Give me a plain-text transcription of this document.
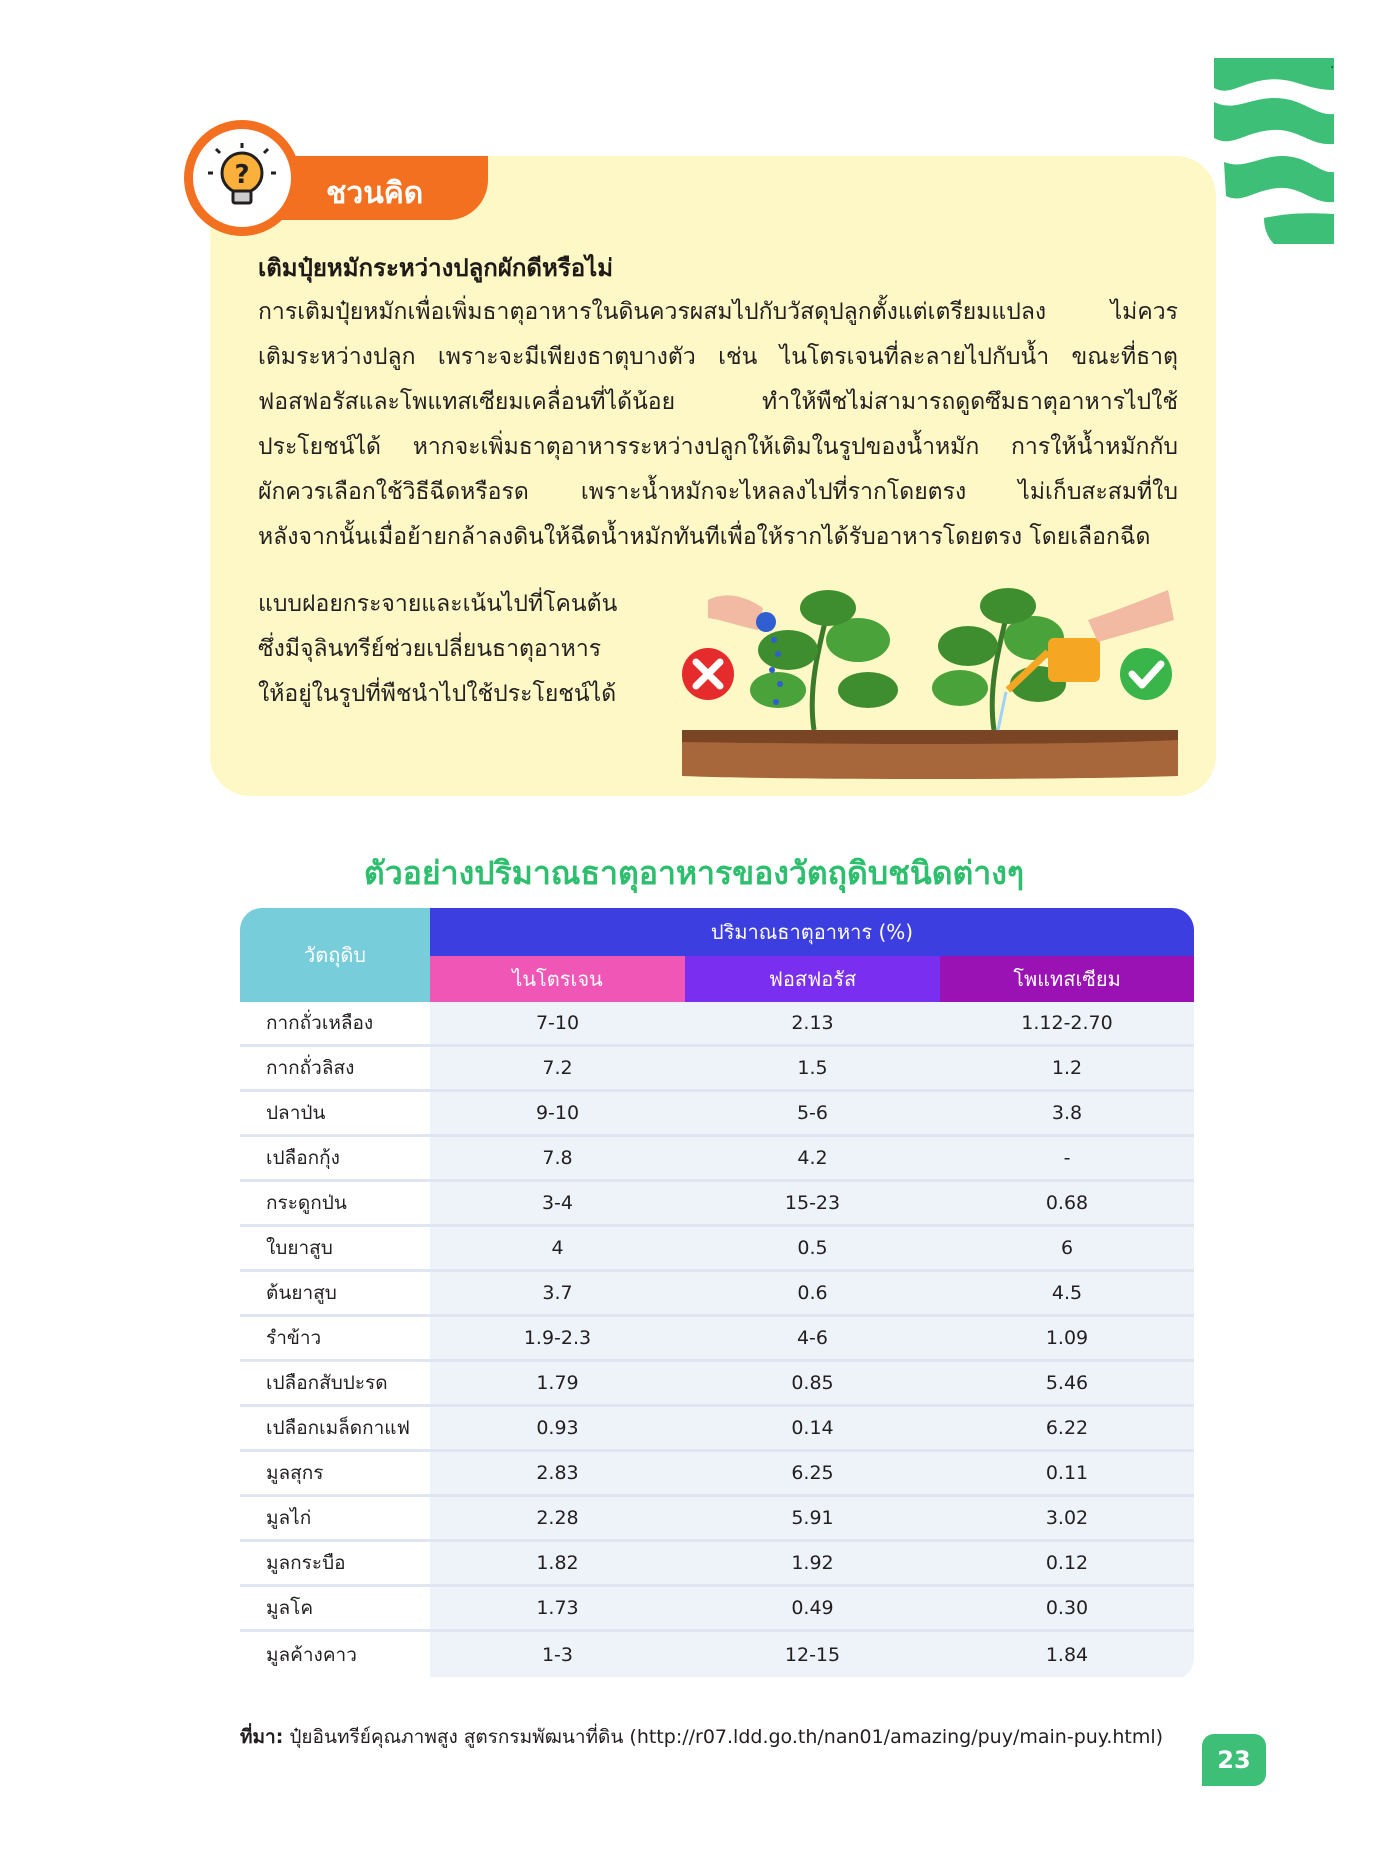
·
ชวนคิด
?
เติมปุ๋ยหมักระหว่างปลูกผักดีหรือไม่

การเติมปุ๋ยหมักเพื่อเพิ่มธาตุอาหารในดินควรผสมไปกับวัสดุปลูกตั้งแต่เตรียมแปลง ไม่ควร

เติมระหว่างปลูก เพราะจะมีเพียงธาตุบางตัว เช่น ไนโตรเจนที่ละลายไปกับน้ำ ขณะที่ธาตุ

ฟอสฟอรัสและโพแทสเซียมเคลื่อนที่ได้น้อย ทำให้พืชไม่สามารถดูดซึมธาตุอาหารไปใช้

ประโยชน์ได้ หากจะเพิ่มธาตุอาหารระหว่างปลูกให้เติมในรูปของน้ำหมัก การให้น้ำหมักกับ

ผักควรเลือกใช้วิธีฉีดหรือรด เพราะน้ำหมักจะไหลลงไปที่รากโดยตรง ไม่เก็บสะสมที่ใบ

หลังจากนั้นเมื่อย้ายกล้าลงดินให้ฉีดน้ำหมักทันทีเพื่อให้รากได้รับอาหารโดยตรง โดยเลือกฉีด

แบบฝอยกระจายและเน้นไปที่โคนต้น

ซึ่งมีจุลินทรีย์ช่วยเปลี่ยนธาตุอาหาร

ให้อยู่ในรูปที่พืชนำไปใช้ประโยชน์ได้

ตัวอย่างปริมาณธาตุอาหารของวัตถุดิบชนิดต่างๆ
วัตถุดิบ
ปริมาณธาตุอาหาร (%)
ไนโตรเจน	ฟอสฟอรัส	โพแทสเซียม
กากถั่วเหลือง	7-10	2.13	1.12-2.70
กากถั่วลิสง	7.2	1.5	1.2
ปลาป่น	9-10	5-6	3.8
เปลือกกุ้ง	7.8	4.2	-
กระดูกป่น	3-4	15-23	0.68
ใบยาสูบ	4	0.5	6
ต้นยาสูบ	3.7	0.6	4.5
รำข้าว	1.9-2.3	4-6	1.09
เปลือกสับปะรด	1.79	0.85	5.46
เปลือกเมล็ดกาแฟ	0.93	0.14	6.22
มูลสุกร	2.83	6.25	0.11
มูลไก่	2.28	5.91	3.02
มูลกระบือ	1.82	1.92	0.12
มูลโค	1.73	0.49	0.30
มูลค้างคาว	1-3	12-15	1.84
ที่มา: ปุ๋ยอินทรีย์คุณภาพสูง สูตรกรมพัฒนาที่ดิน (http://r07.ldd.go.th/nan01/amazing/puy/main-puy.html)
23
